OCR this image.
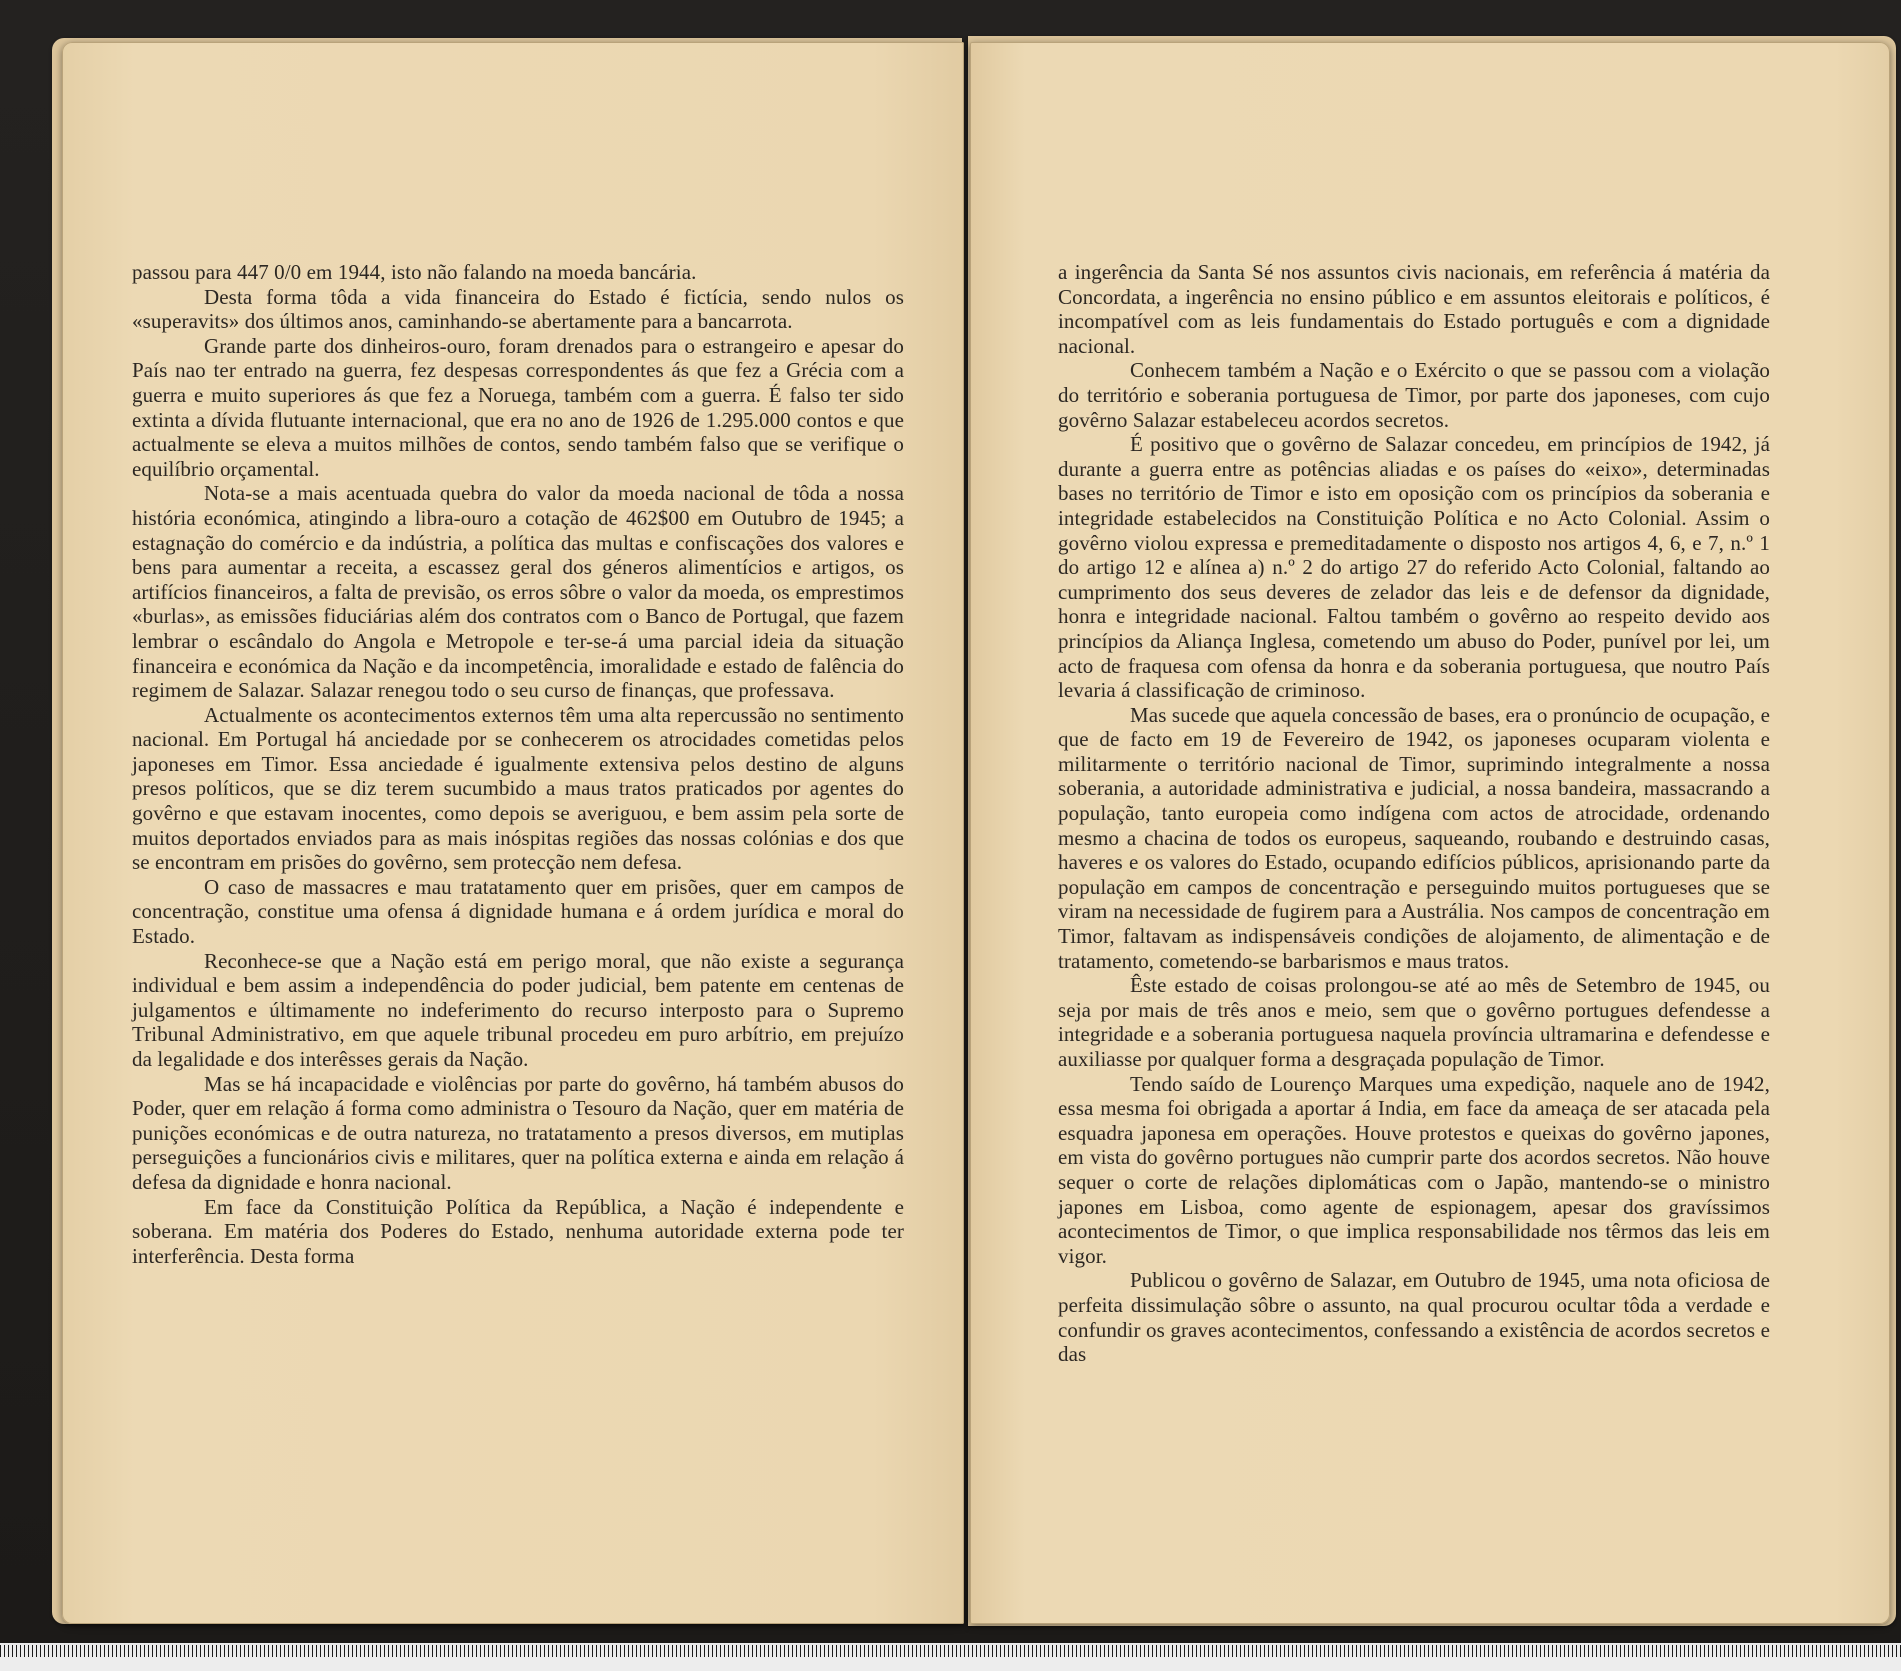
passou para 447 0/0 em 1944, isto não falando na moeda bancária.

Desta forma tôda a vida financeira do Estado é fictícia, sendo nulos os «superavits» dos últimos anos, caminhando-se abertamente para a bancarrota.

Grande parte dos dinheiros-ouro, foram drenados para o estrangeiro e apesar do País nao ter entrado na guerra, fez despesas correspondentes ás que fez a Grécia com a guerra e muito superiores ás que fez a Noruega, também com a guerra. É falso ter sido extinta a dívida flutuante internacional, que era no ano de 1926 de 1.295.000 contos e que actualmente se eleva a muitos milhões de contos, sendo também falso que se verifique o equilíbrio orçamental.

Nota-se a mais acentuada quebra do valor da moeda nacional de tôda a nossa história económica, atingindo a libra-ouro a cotação de 462$00 em Outubro de 1945; a estagnação do comércio e da indústria, a política das multas e confiscações dos valores e bens para aumentar a receita, a escassez geral dos géneros alimentícios e artigos, os artifícios financeiros, a falta de previsão, os erros sôbre o valor da moeda, os emprestimos «burlas», as emissões fiduciárias além dos contratos com o Banco de Portugal, que fazem lembrar o escândalo do Angola e Metropole e ter-se-á uma parcial ideia da situação financeira e económica da Nação e da incompetência, imoralidade e estado de falência do regimem de Salazar. Salazar renegou todo o seu curso de finanças, que professava.

Actualmente os acontecimentos externos têm uma alta repercussão no sentimento nacional. Em Portugal há anciedade por se conhecerem os atrocidades cometidas pelos japoneses em Timor. Essa anciedade é igualmente extensiva pelos destino de alguns presos políticos, que se diz terem sucumbido a maus tratos praticados por agentes do govêrno e que estavam inocentes, como depois se averiguou, e bem assim pela sorte de muitos deportados enviados para as mais inóspitas regiões das nossas colónias e dos que se encontram em prisões do govêrno, sem protecção nem defesa.

O caso de massacres e mau tratatamento quer em prisões, quer em campos de concentração, constitue uma ofensa á dignidade humana e á ordem jurídica e moral do Estado.

Reconhece-se que a Nação está em perigo moral, que não existe a segurança individual e bem assim a independência do poder judicial, bem patente em centenas de julgamentos e últimamente no indeferimento do recurso interposto para o Supremo Tribunal Administrativo, em que aquele tribunal procedeu em puro arbítrio, em prejuízo da legalidade e dos interêsses gerais da Nação.

Mas se há incapacidade e violências por parte do govêrno, há também abusos do Poder, quer em relação á forma como administra o Tesouro da Nação, quer em matéria de punições económicas e de outra natureza, no tratatamento a presos diversos, em mutiplas perseguições a funcionários civis e militares, quer na política externa e ainda em relação á defesa da dignidade e honra nacional.

Em face da Constituição Política da República, a Nação é independente e soberana. Em matéria dos Poderes do Estado, nenhuma autoridade externa pode ter interferência. Desta forma

a ingerência da Santa Sé nos assuntos civis nacionais, em referência á matéria da Concordata, a ingerência no ensino público e em assuntos eleitorais e políticos, é incompatível com as leis fundamentais do Estado português e com a dignidade nacional.

Conhecem também a Nação e o Exército o que se passou com a violação do território e soberania portuguesa de Timor, por parte dos japoneses, com cujo govêrno Salazar estabeleceu acordos secretos.

É positivo que o govêrno de Salazar concedeu, em princípios de 1942, já durante a guerra entre as potências aliadas e os países do «eixo», determinadas bases no território de Timor e isto em oposição com os princípios da soberania e integridade estabelecidos na Constituição Política e no Acto Colonial. Assim o govêrno violou expressa e premeditadamente o disposto nos artigos 4, 6, e 7, n.º 1 do artigo 12 e alínea a) n.º 2 do artigo 27 do referido Acto Colonial, faltando ao cumprimento dos seus deveres de zelador das leis e de defensor da dignidade, honra e integridade nacional. Faltou também o govêrno ao respeito devido aos princípios da Aliança Inglesa, cometendo um abuso do Poder, punível por lei, um acto de fraquesa com ofensa da honra e da soberania portuguesa, que noutro País levaria á classificação de criminoso.

Mas sucede que aquela concessão de bases, era o pronúncio de ocupação, e que de facto em 19 de Fevereiro de 1942, os japoneses ocuparam violenta e militarmente o território nacional de Timor, suprimindo integralmente a nossa soberania, a autoridade administrativa e judicial, a nossa bandeira, massacrando a população, tanto europeia como indígena com actos de atrocidade, ordenando mesmo a chacina de todos os europeus, saqueando, roubando e destruindo casas, haveres e os valores do Estado, ocupando edifícios públicos, aprisionando parte da população em campos de concentração e perseguindo muitos portugueses que se viram na necessidade de fugirem para a Austrália. Nos campos de concentração em Timor, faltavam as indispensáveis condições de alojamento, de alimentação e de tratamento, cometendo-se barbarismos e maus tratos.

Êste estado de coisas prolongou-se até ao mês de Setembro de 1945, ou seja por mais de três anos e meio, sem que o govêrno portugues defendesse a integridade e a soberania portuguesa naquela província ultramarina e defendesse e auxiliasse por qualquer forma a desgraçada população de Timor.

Tendo saído de Lourenço Marques uma expedição, naquele ano de 1942, essa mesma foi obrigada a aportar á India, em face da ameaça de ser atacada pela esquadra japonesa em operações. Houve protestos e queixas do govêrno japones, em vista do govêrno portugues não cumprir parte dos acordos secretos. Não houve sequer o corte de relações diplomáticas com o Japão, mantendo-se o ministro japones em Lisboa, como agente de espionagem, apesar dos gravíssimos acontecimentos de Timor, o que implica responsabilidade nos têrmos das leis em vigor.

Publicou o govêrno de Salazar, em Outubro de 1945, uma nota oficiosa de perfeita dissimulação sôbre o assunto, na qual procurou ocultar tôda a verdade e confundir os graves acontecimentos, confessando a existência de acordos secretos e das
